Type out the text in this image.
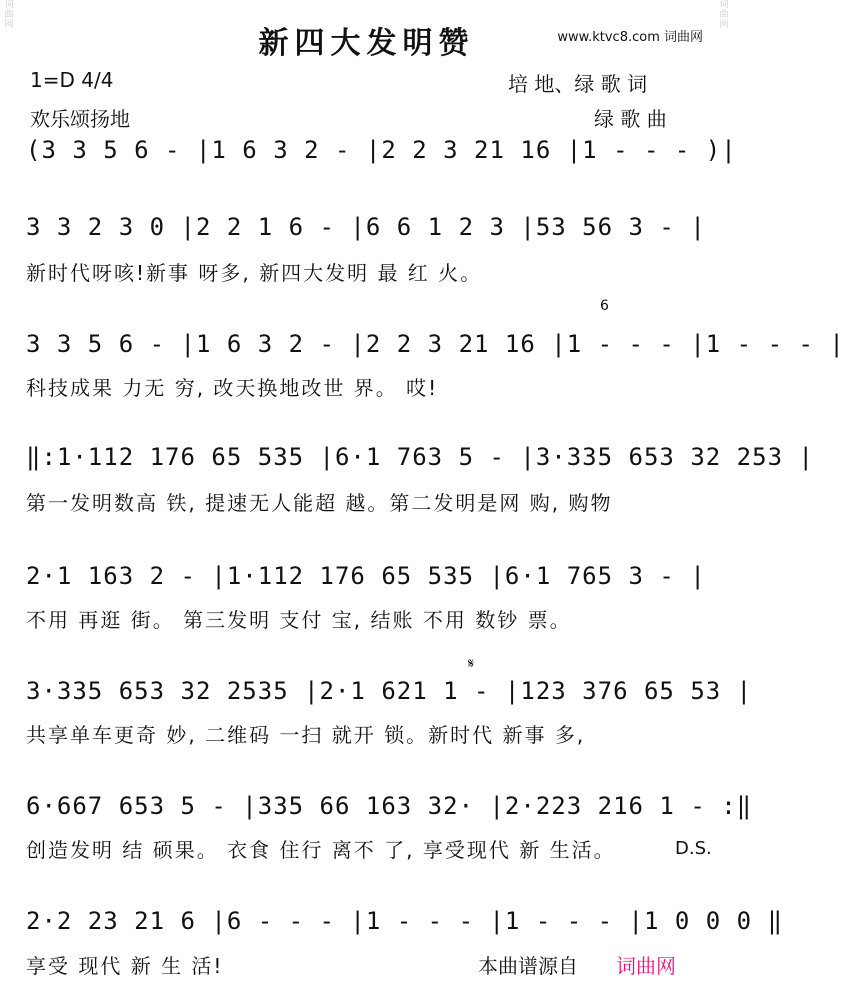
词曲网
词曲网
新四大发明赞	www.ktvc8.com 词曲网
1=D 4/4	培 地、绿 歌 词
欢乐颂扬地	绿 歌 曲
(3 3 5 6 - |1 6 3 2 - |2 2 3 21 16 |1 - - - )|
3 3 2 3 0 |2 2 1 6 - |6 6 1 2 3 |53 56 3 - |
新时代呀咳!新事 呀多, 新四大发明 最 红 火。
6
3 3 5 6 - |1 6 3 2 - |2 2 3 21 16 |1 - - - |1 - - - |
科技成果 力无 穷, 改天换地改世 界。 哎!
‖:1·112 176 65 535 |6·1 763 5 - |3·335 653 32 253 |
第一发明数高 铁, 提速无人能超 越。第二发明是网 购, 购物
2·1 163 2 - |1·112 176 65 535 |6·1 765 3 - |
不用 再逛 街。 第三发明 支付 宝, 结账 不用 数钞 票。
𝄋
3·335 653 32 2535 |2·1 621 1 - |123 376 65 53 |
共享单车更奇 妙, 二维码 一扫 就开 锁。新时代 新事 多,
6·667 653 5 - |335 66 163 32· |2·223 216 1 - :‖
创造发明 结 硕果。 衣食 住行 离不 了, 享受现代 新 生活。	D.S.
2·2 23 21 6 |6 - - - |1 - - - |1 - - - |1 0 0 0 ‖
享受 现代 新 生 活!	本曲谱源自 词曲网
